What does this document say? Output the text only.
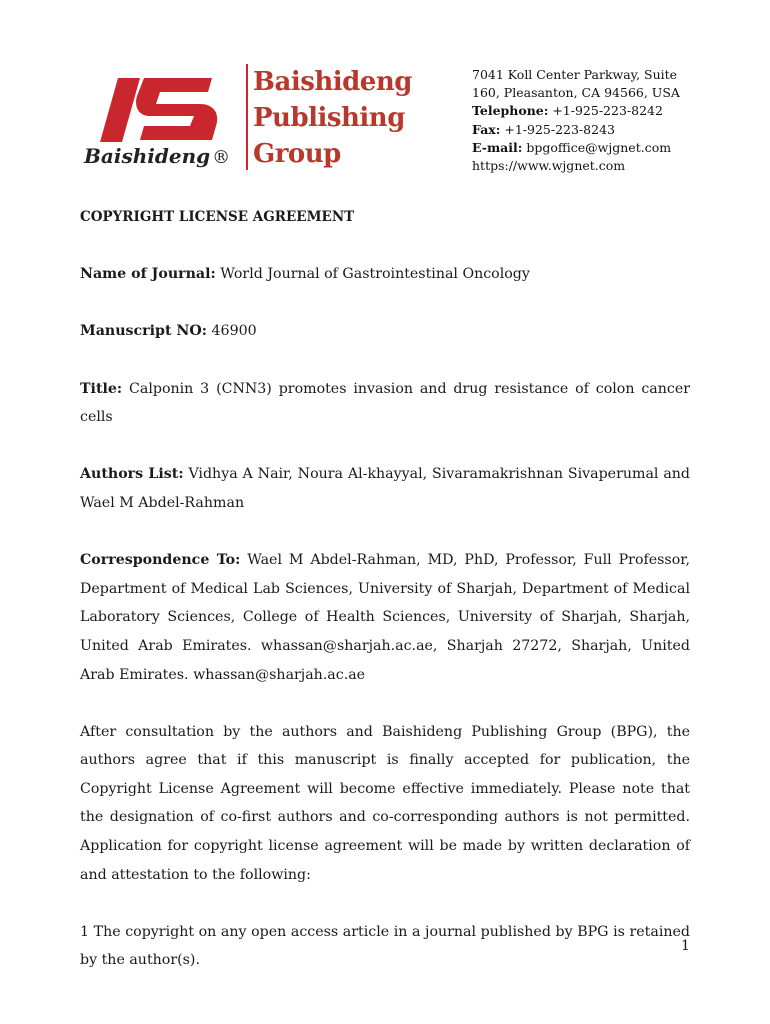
Baishideng ®
Baishideng
Publishing
Group
7041 Koll Center Parkway, Suite
160, Pleasanton, CA 94566, USA
Telephone: +1-925-223-8242
Fax: +1-925-223-8243
E-mail: bpgoffice@wjgnet.com
https://www.wjgnet.com

COPYRIGHT LICENSE AGREEMENT

Name of Journal: World Journal of Gastrointestinal Oncology

Manuscript NO: 46900

Title: Calponin 3 (CNN3) promotes invasion and drug resistance of colon cancer cells

Authors List: Vidhya A Nair, Noura Al-khayyal, Sivaramakrishnan Sivaperumal and Wael M Abdel-Rahman

Correspondence To: Wael M Abdel-Rahman, MD, PhD, Professor, Full Professor, Department of Medical Lab Sciences, University of Sharjah, Department of Medical Laboratory Sciences, College of Health Sciences, University of Sharjah, Sharjah, United Arab Emirates. whassan@sharjah.ac.ae, Sharjah 27272, Sharjah, United Arab Emirates. whassan@sharjah.ac.ae

After consultation by the authors and Baishideng Publishing Group (BPG), the authors agree that if this manuscript is finally accepted for publication, the Copyright License Agreement will become effective immediately. Please note that the designation of co-first authors and co-corresponding authors is not permitted. Application for copyright license agreement will be made by written declaration of and attestation to the following:

1 The copyright on any open access article in a journal published by BPG is retained by the author(s).

1
